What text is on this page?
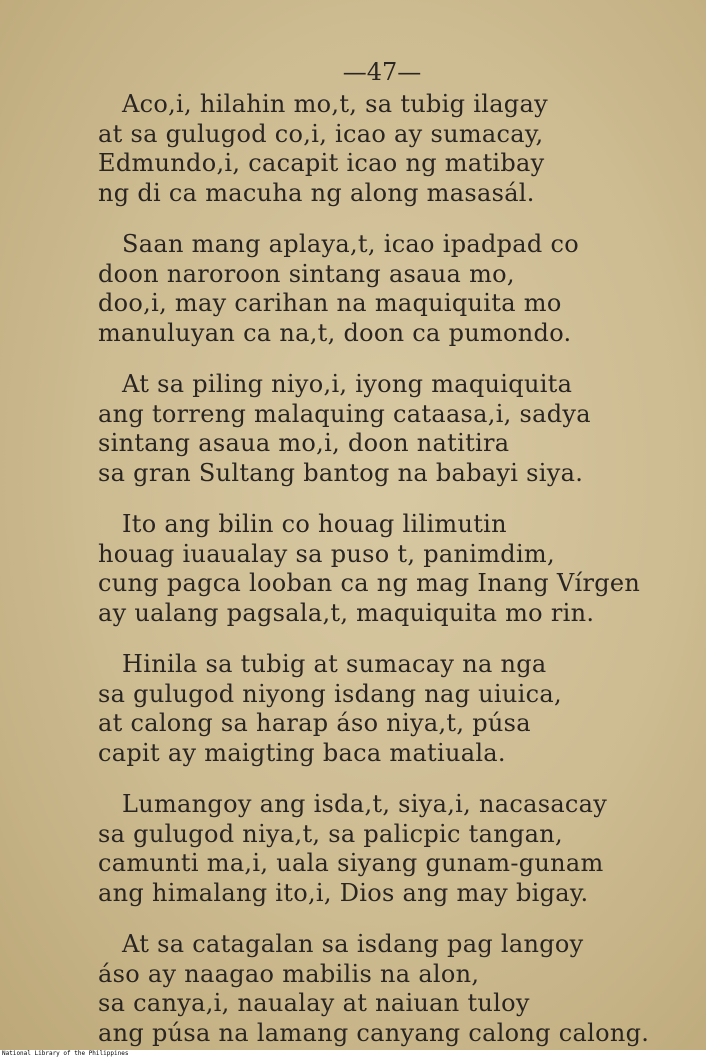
—47—
Aco,i, hilahin mo,t, sa tubig ilagay
at sa gulugod co,i, icao ay sumacay,
Edmundo,i, cacapit icao ng matibay
ng di ca macuha ng along masasál.
Saan mang aplaya,t, icao ipadpad co
doon naroroon sintang asaua mo,
doo,i, may carihan na maquiquita mo
manuluyan ca na,t, doon ca pumondo.
At sa piling niyo,i, iyong maquiquita
ang torreng malaquing cataasa,i, sadya
sintang asaua mo,i, doon natitira
sa gran Sultang bantog na babayi siya.
Ito ang bilin co houag lilimutin
houag iuaualay sa puso t, panimdim,
cung pagca looban ca ng mag Inang Vírgen
ay ualang pagsala,t, maquiquita mo rin.
Hinila sa tubig at sumacay na nga
sa gulugod niyong isdang nag uiuica,
at calong sa harap áso niya,t, púsa
capit ay maigting baca matiuala.
Lumangoy ang isda,t, siya,i, nacasacay
sa gulugod niya,t, sa palicpic tangan,
camunti ma,i, uala siyang gunam-gunam
ang himalang ito,i, Dios ang may bigay.
At sa catagalan sa isdang pag langoy
áso ay naagao mabilis na alon,
sa canya,i, naualay at naiuan tuloy
ang púsa na lamang canyang calong calong.
National Library of the Philippines
